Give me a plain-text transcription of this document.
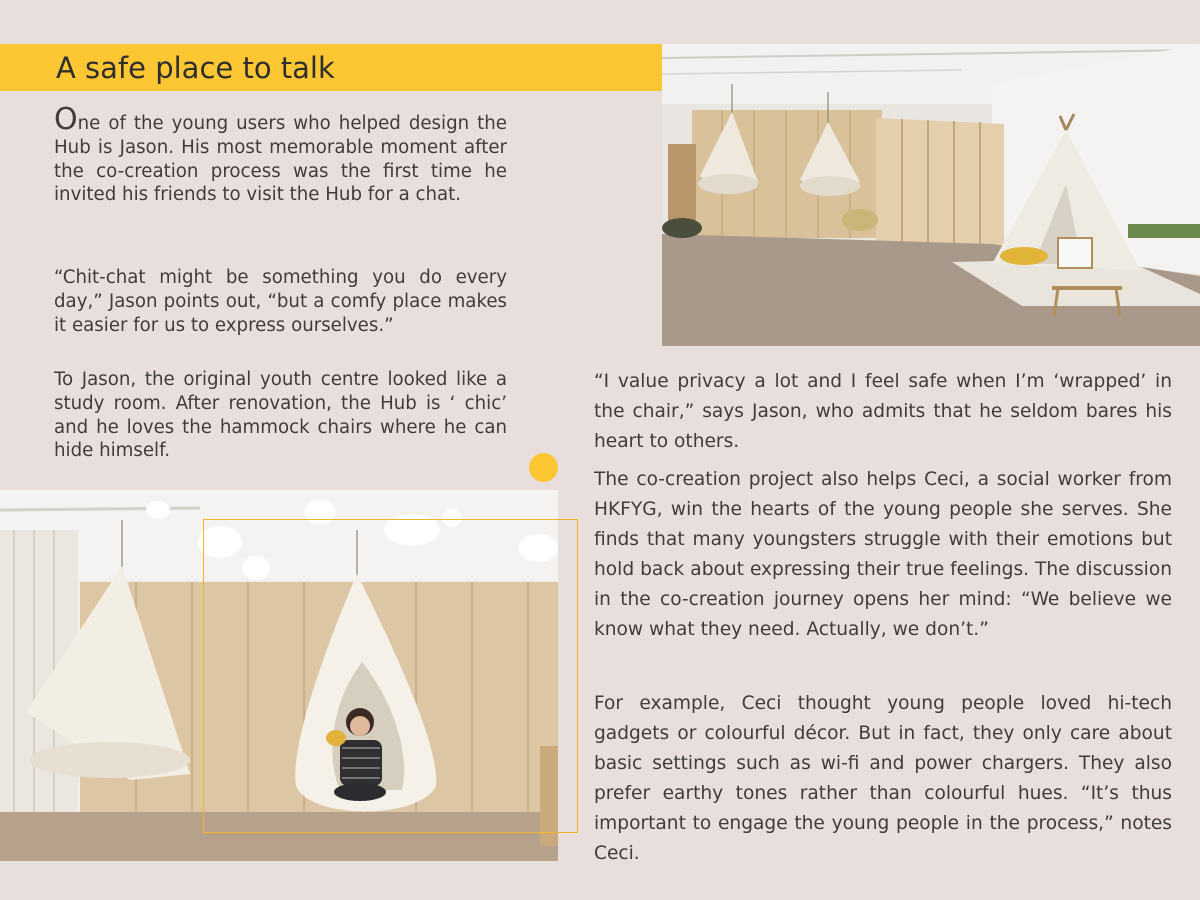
A safe place to talk

One of the young users who helped design the Hub is Jason. His most memorable moment after the co-creation process was the first time he invited his friends to visit the Hub for a chat.

“Chit-chat might be something you do every day,” Jason points out, “but a comfy place makes it easier for us to express ourselves.”

To Jason, the original youth centre looked like a study room. After renovation, the Hub is ‘ chic’ and he loves the hammock chairs where he can hide himself.

“I value privacy a lot and I feel safe when I’m ‘wrapped’ in the chair,” says Jason, who admits that he seldom bares his heart to others.

The co-creation project also helps Ceci, a social worker from HKFYG, win the hearts of the young people she serves. She finds that many youngsters struggle with their emotions but hold back about expressing their true feelings. The discussion in the co-creation journey opens her mind: “We believe we know what they need. Actually, we don’t.”

For example, Ceci thought young people loved hi-tech gadgets or colourful décor. But in fact, they only care about basic settings such as wi-fi and power chargers. They also prefer earthy tones rather than colourful hues. “It’s thus important to engage the young people in the process,” notes Ceci.
